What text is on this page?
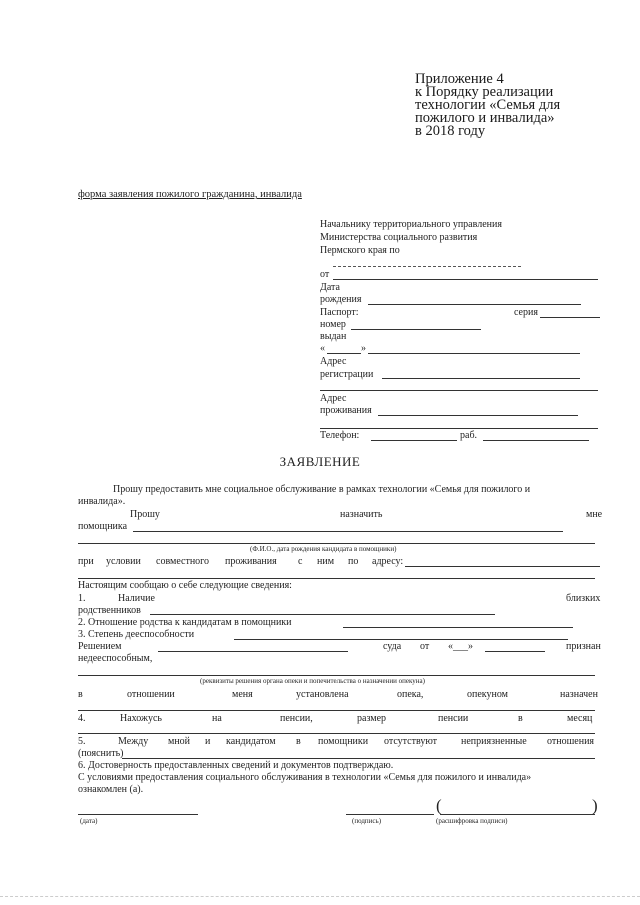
Приложение 4
к Порядку реализации
технологии «Семья для
пожилого и инвалида»
в 2018 году
форма заявления пожилого гражданина, инвалида
Начальнику территориального управления
Министерства социального развития
Пермского края по
от
Дата
рождения
Паспорт:	серия
номер
выдан
«	»
Адрес
регистрации
Адрес
проживания
Телефон:	раб.
ЗАЯВЛЕНИЕ
Прошу предоставить мне социальное обслуживание в рамках технологии «Семья для пожилого и
инвалида».
Прошу	назначить	мне
помощника
(Ф.И.О., дата рождения кандидата в помощники)
при условии совместного проживания с ним по адресу:
Настоящим сообщаю о себе следующие сведения:
1.	Наличие	близких
родственников
2. Отношение родства к кандидатам в помощники
3. Степень дееспособности
Решением	суда от «___»	признан
недееспособным,
(реквизиты решения органа опеки и попечительства о назначении опекуна)
в	отношении	меня	установлена	опека,	опекуном	назначен
4.	Нахожусь	на	пенсии,	размер	пенсии	в	месяц
5.	Между мной и кандидатом в помощники отсутствуют неприязненные отношения
(пояснить)
6. Достоверность предоставленных сведений и документов подтверждаю.
С условиями предоставления социального обслуживания в технологии «Семья для пожилого и инвалида»
ознакомлен (а).
(дата)	(подпись)
(	)
(расшифровка подписи)
